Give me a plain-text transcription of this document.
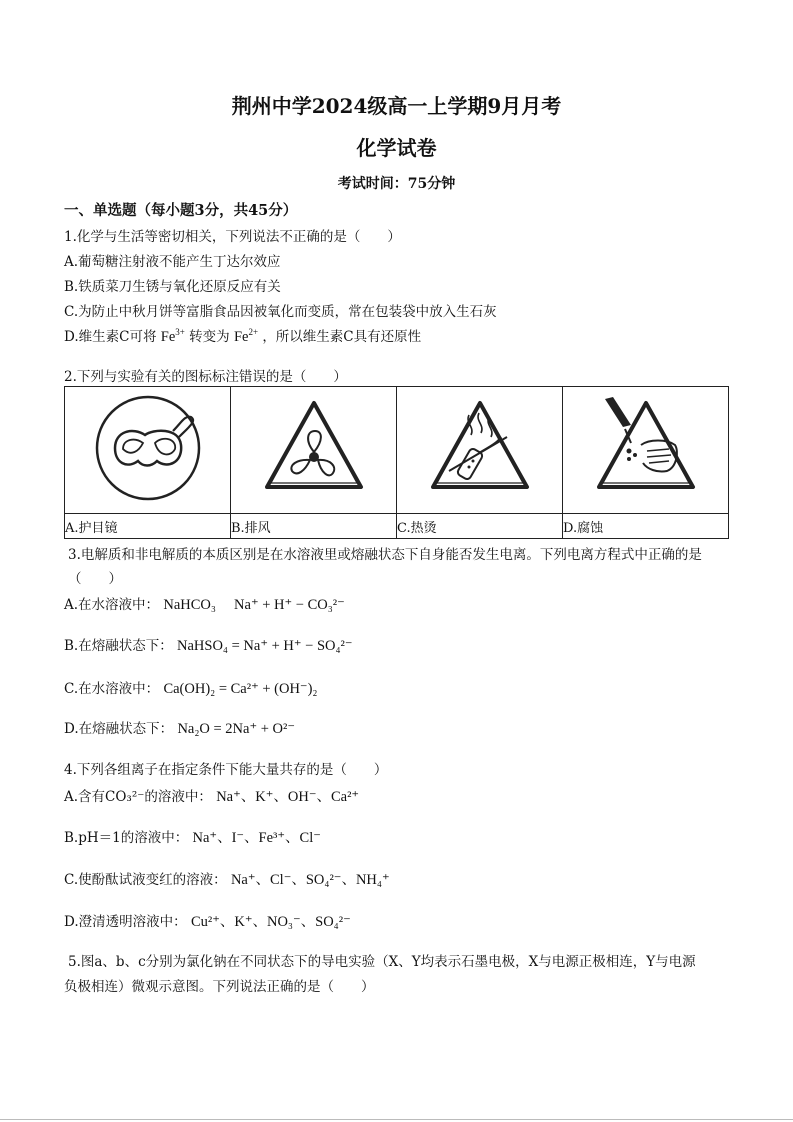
荆州中学2024级高一上学期9月月考
化学试卷
考试时间：75分钟
一、单选题（每小题3分，共45分）
1.化学与生活等密切相关，下列说法不正确的是（　　）
A.葡萄糖注射液不能产生丁达尔效应
B.铁质菜刀生锈与氧化还原反应有关
C.为防止中秋月饼等富脂食品因被氧化而变质，常在包装袋中放入生石灰
D.维生素C可将 $Fe^{3+}$ 转变为 $Fe^{2+}$ ，所以维生素C具有还原性
2.下列与实验有关的图标标注错误的是（　　）

A.护目镜	B.排风	C.热烫	D.腐蚀
3.电解质和非电解质的本质区别是在水溶液里或熔融状态下自身能否发生电离。下列电离方程式中正确的是
（　　）
A.在水溶液中： NaHCO₃ 　Na⁺ + H⁺ − CO₃²⁻
B.在熔融状态下： NaHSO₄ = Na⁺ + H⁺ − SO₄²⁻
C.在水溶液中： Ca(OH)₂ = Ca²⁺ + (OH⁻)₂
D.在熔融状态下： Na₂O = 2Na⁺ + O²⁻
4.下列各组离子在指定条件下能大量共存的是（　　）
A.含有CO₃²⁻的溶液中： Na⁺、K⁺、OH⁻、Ca²⁺
B.pH＝1的溶液中： Na⁺、I⁻、Fe³⁺、Cl⁻
C.使酚酞试液变红的溶液： Na⁺、Cl⁻、SO₄²⁻、NH₄⁺
D.澄清透明溶液中： Cu²⁺、K⁺、NO₃⁻、SO₄²⁻
5.图a、b、c分别为氯化钠在不同状态下的导电实验（X、Y均表示石墨电极，X与电源正极相连，Y与电源
负极相连）微观示意图。下列说法正确的是（　　）
